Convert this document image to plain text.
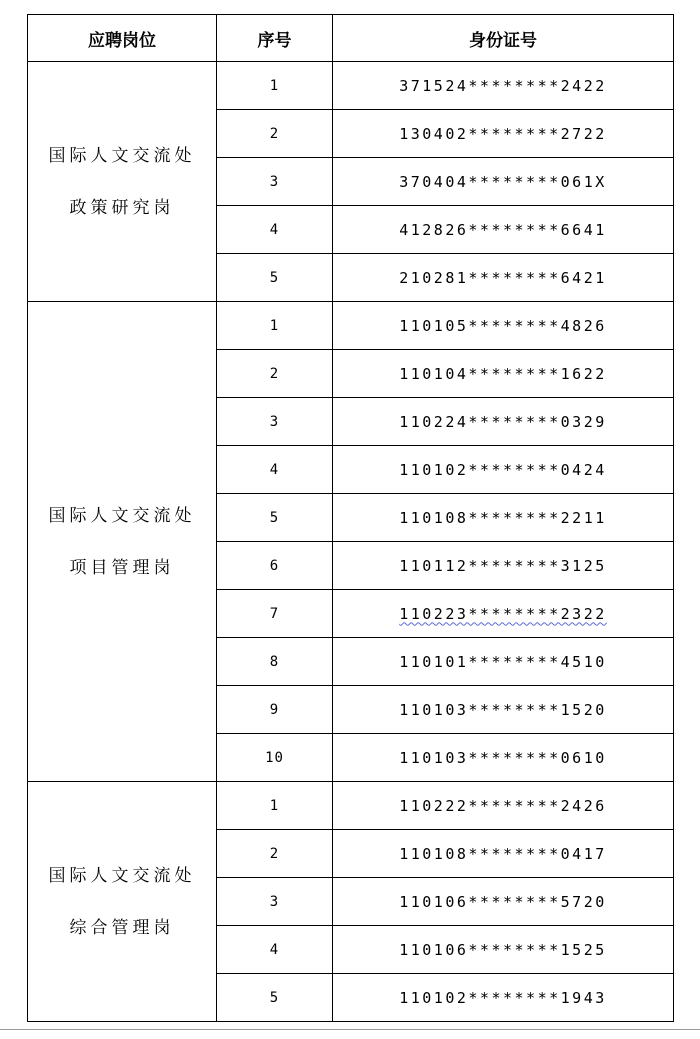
应聘岗位	序号	身份证号

国际人文交流处
政策研究岗	1	371524********2422
	2	130402********2722
	3	370404********061X
	4	412826********6641
	5	210281********6421

国际人文交流处
项目管理岗	1	110105********4826
	2	110104********1622
	3	110224********0329
	4	110102********0424
	5	110108********2211
	6	110112********3125
	7	110223********2322
	8	110101********4510
	9	110103********1520
	10	110103********0610

国际人文交流处
综合管理岗	1	110222********2426
	2	110108********0417
	3	110106********5720
	4	110106********1525
	5	110102********1943
